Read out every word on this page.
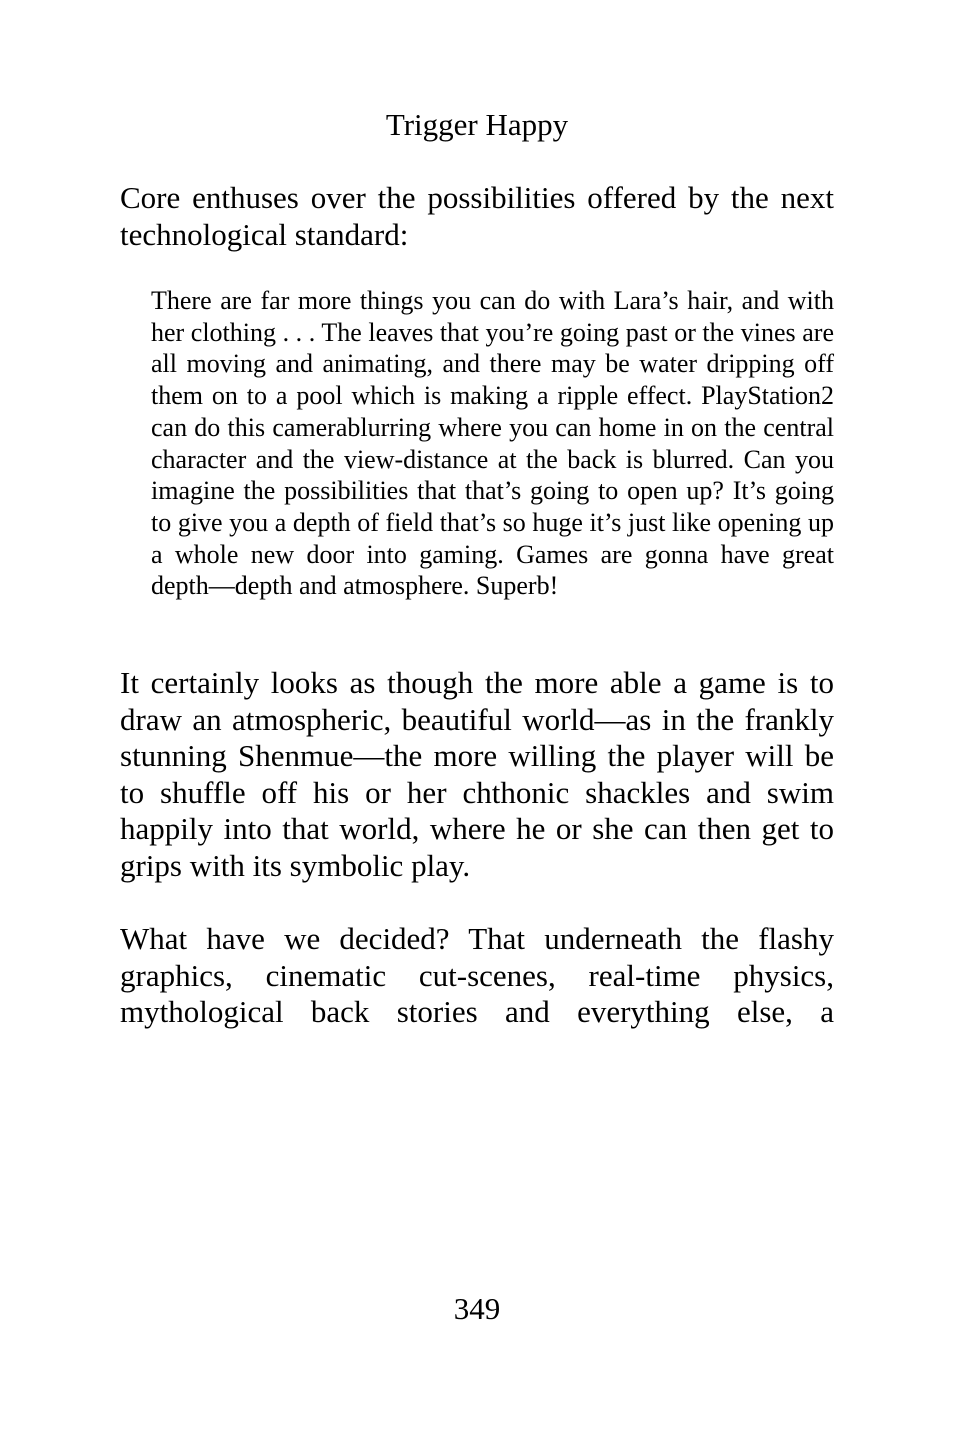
Trigger Happy

Core enthuses over the possibilities offered by the next technological standard:

There are far more things you can do with Lara’s hair, and with her clothing . . . The leaves that you’re going past or the vines are all moving and animating, and there may be water dripping off them on to a pool which is making a ripple effect. PlayStation2 can do this camerablurring where you can home in on the central character and the view-distance at the back is blurred. Can you imagine the possibilities that that’s going to open up? It’s going to give you a depth of field that’s so huge it’s just like opening up a whole new door into gaming. Games are gonna have great depth—depth and atmosphere. Superb!

It certainly looks as though the more able a game is to draw an atmospheric, beautiful world—as in the frankly stunning Shenmue—the more willing the player will be to shuffle off his or her chthonic shackles and swim happily into that world, where he or she can then get to grips with its symbolic play.

What have we decided? That underneath the flashy graphics, cinematic cut-scenes, real-time physics, mythological back stories and everything else, a

349
